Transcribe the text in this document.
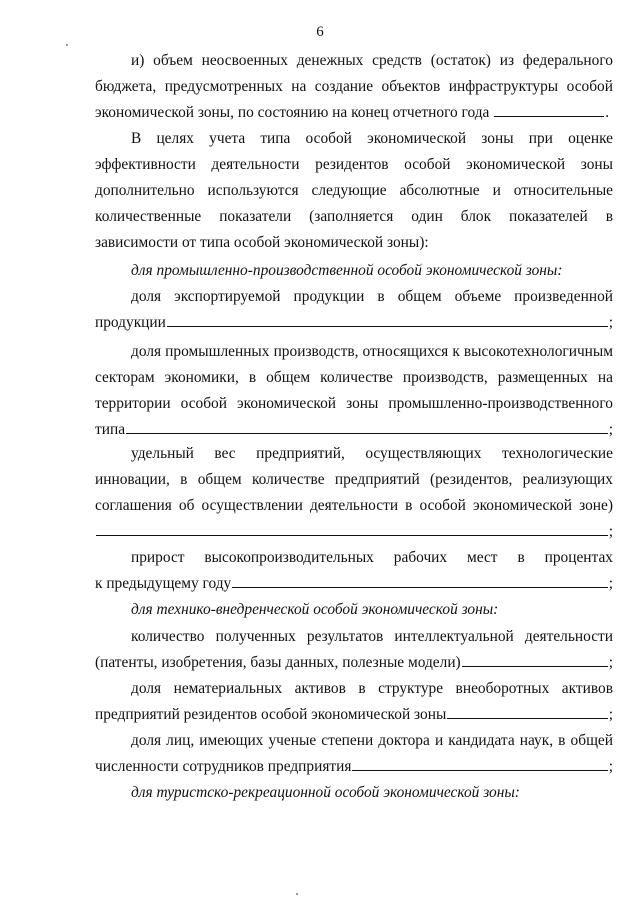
6
и) объем неосвоенных денежных средств (остаток) из федерального бюджета, предусмотренных на создание объектов инфраструктуры особой экономической зоны, по состоянию на конец отчетного года	.
В целях учета типа особой экономической зоны при оценке эффективности деятельности резидентов особой экономической зоны дополнительно используются следующие абсолютные и относительные количественные показатели (заполняется один блок показателей в зависимости от типа особой экономической зоны):
для промышленно-производственной особой экономической зоны:
доля экспортируемой продукции в общем объеме произведенной
продукции	;
доля промышленных производств, относящихся к высокотехнологичным секторам экономики, в общем количестве производств, размещенных на территории особой экономической зоны промышленно-производственного
типа	;
удельный вес предприятий, осуществляющих технологические инновации, в общем количестве предприятий (резидентов, реализующих соглашения об осуществлении деятельности в особой экономической зоне)
;
прирост высокопроизводительных рабочих мест в процентах
к предыдущему году	;
для технико-внедренческой особой экономической зоны:
количество полученных результатов интеллектуальной деятельности
(патенты, изобретения, базы данных, полезные модели)	;
доля нематериальных активов в структуре внеоборотных активов
предприятий резидентов особой экономической зоны	;
доля лиц, имеющих ученые степени доктора и кандидата наук, в общей
численности сотрудников предприятия	;
для туристско-рекреационной особой экономической зоны:
